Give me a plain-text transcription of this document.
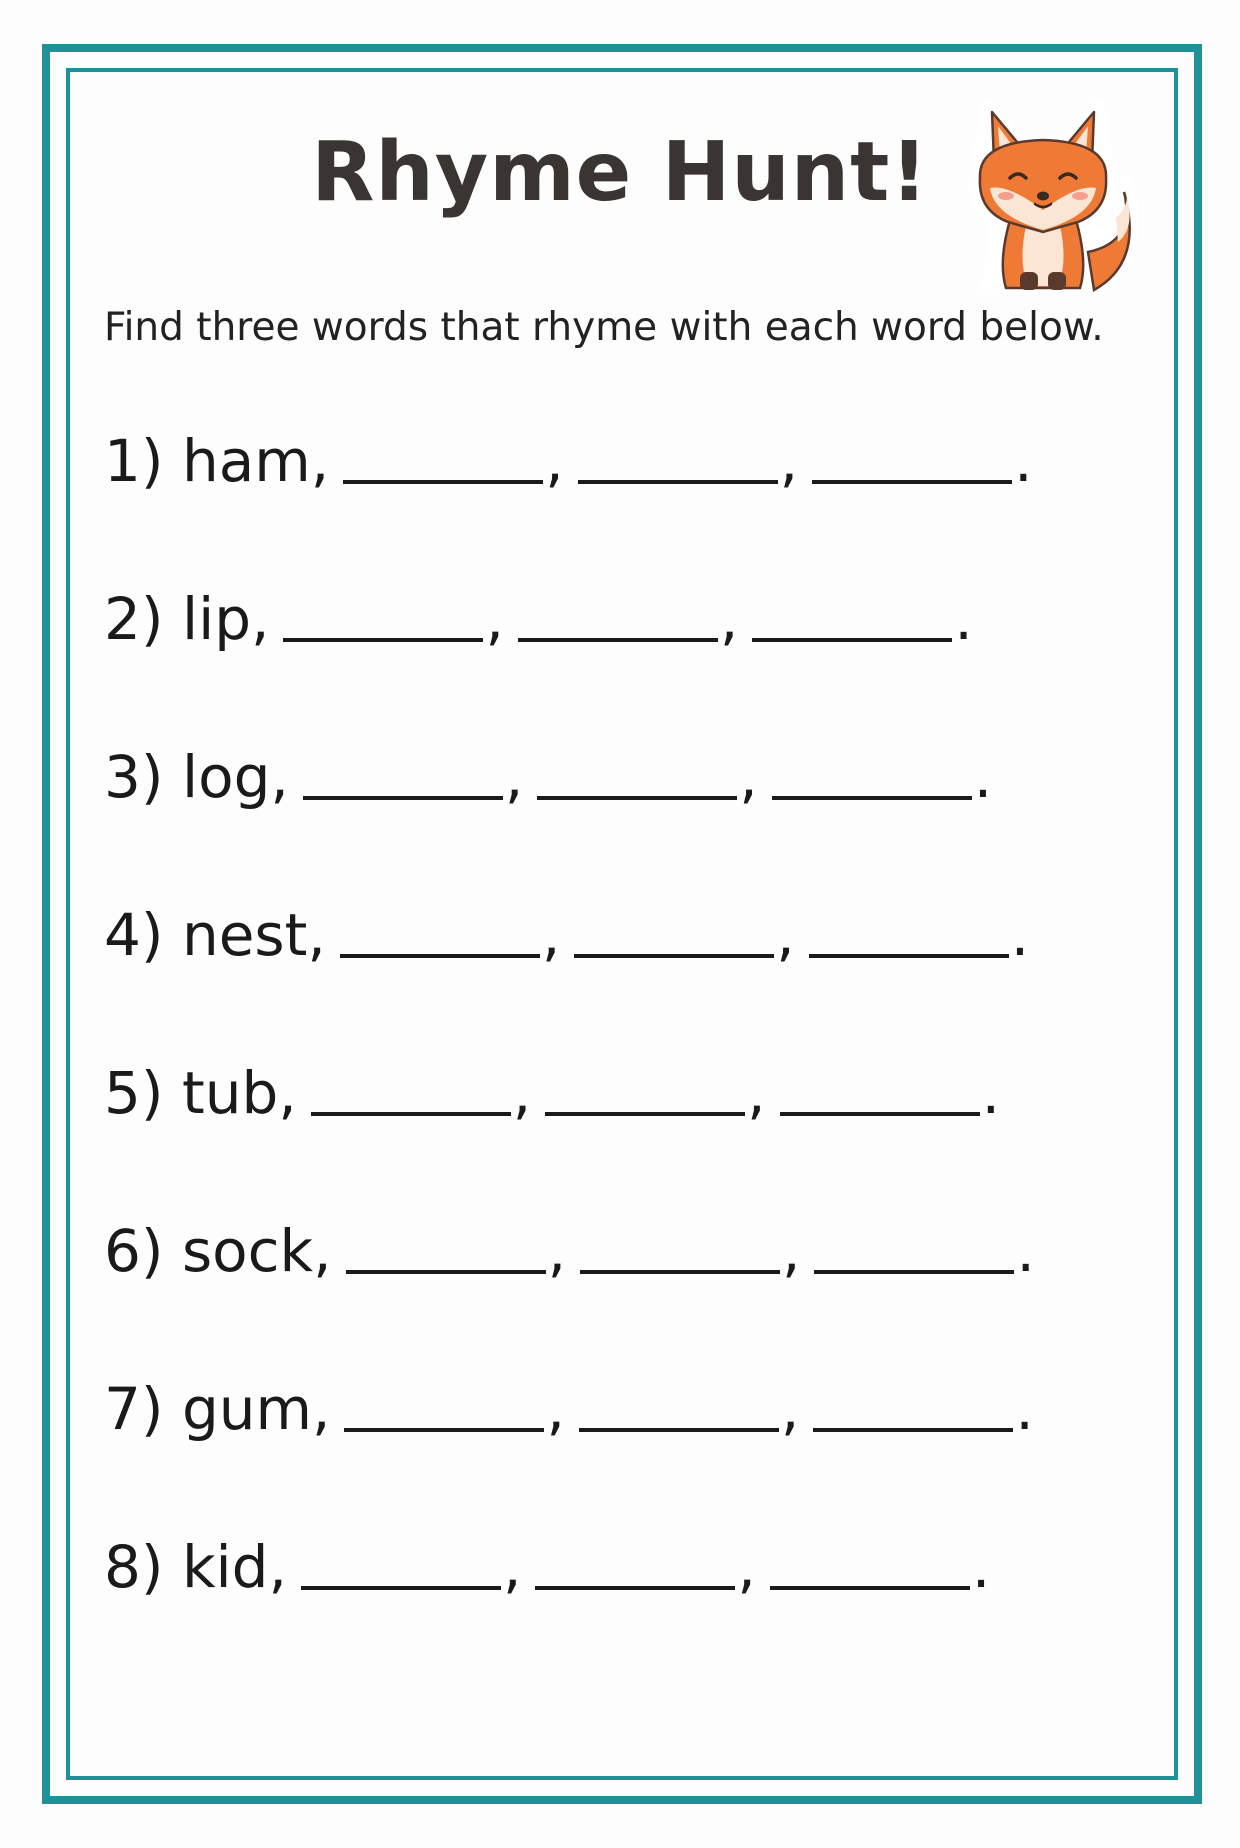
Rhyme Hunt!
Find three words that rhyme with each word below.
1)
ham,	,	,	.
2)
lip,	,	,	.
3)
log,	,	,	.
4)
nest,	,	,	.
5)
tub,	,	,	.
6)
sock,	,	,	.
7)
gum,	,	,	.
8)
kid,	,	,	.
